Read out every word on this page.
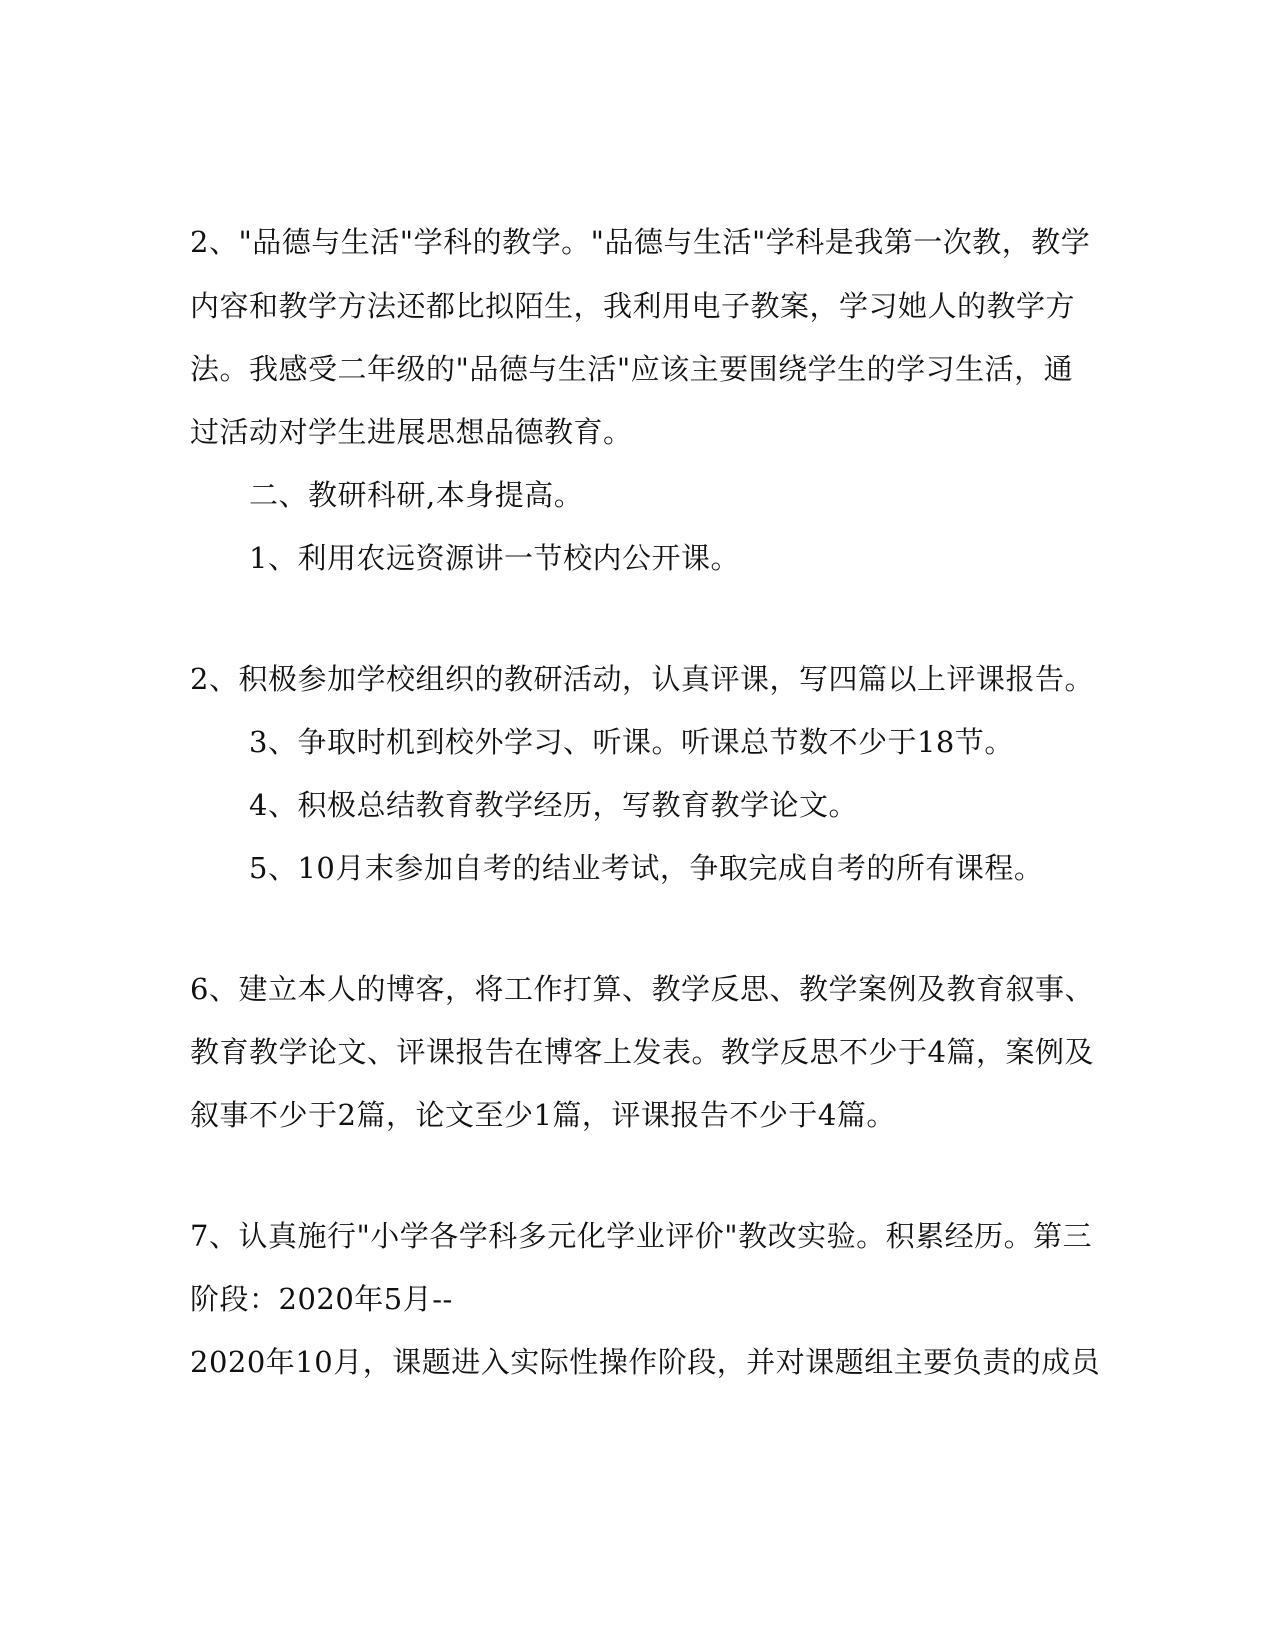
2、"品德与生活"学科的教学。"品德与生活"学科是我第一次教，教学
内容和教学方法还都比拟陌生，我利用电子教案，学习她人的教学方
法。我感受二年级的"品德与生活"应该主要围绕学生的学习生活，通
过活动对学生进展思想品德教育。
二、教研科研,本身提高。
1、利用农远资源讲一节校内公开课。
2、积极参加学校组织的教研活动，认真评课，写四篇以上评课报告。
3、争取时机到校外学习、听课。听课总节数不少于18节。
4、积极总结教育教学经历，写教育教学论文。
5、10月末参加自考的结业考试，争取完成自考的所有课程。
6、建立本人的博客，将工作打算、教学反思、教学案例及教育叙事、
教育教学论文、评课报告在博客上发表。教学反思不少于4篇，案例及
叙事不少于2篇，论文至少1篇，评课报告不少于4篇。
7、认真施行"小学各学科多元化学业评价"教改实验。积累经历。第三
阶段：2020年5月--
2020年10月，课题进入实际性操作阶段，并对课题组主要负责的成员
